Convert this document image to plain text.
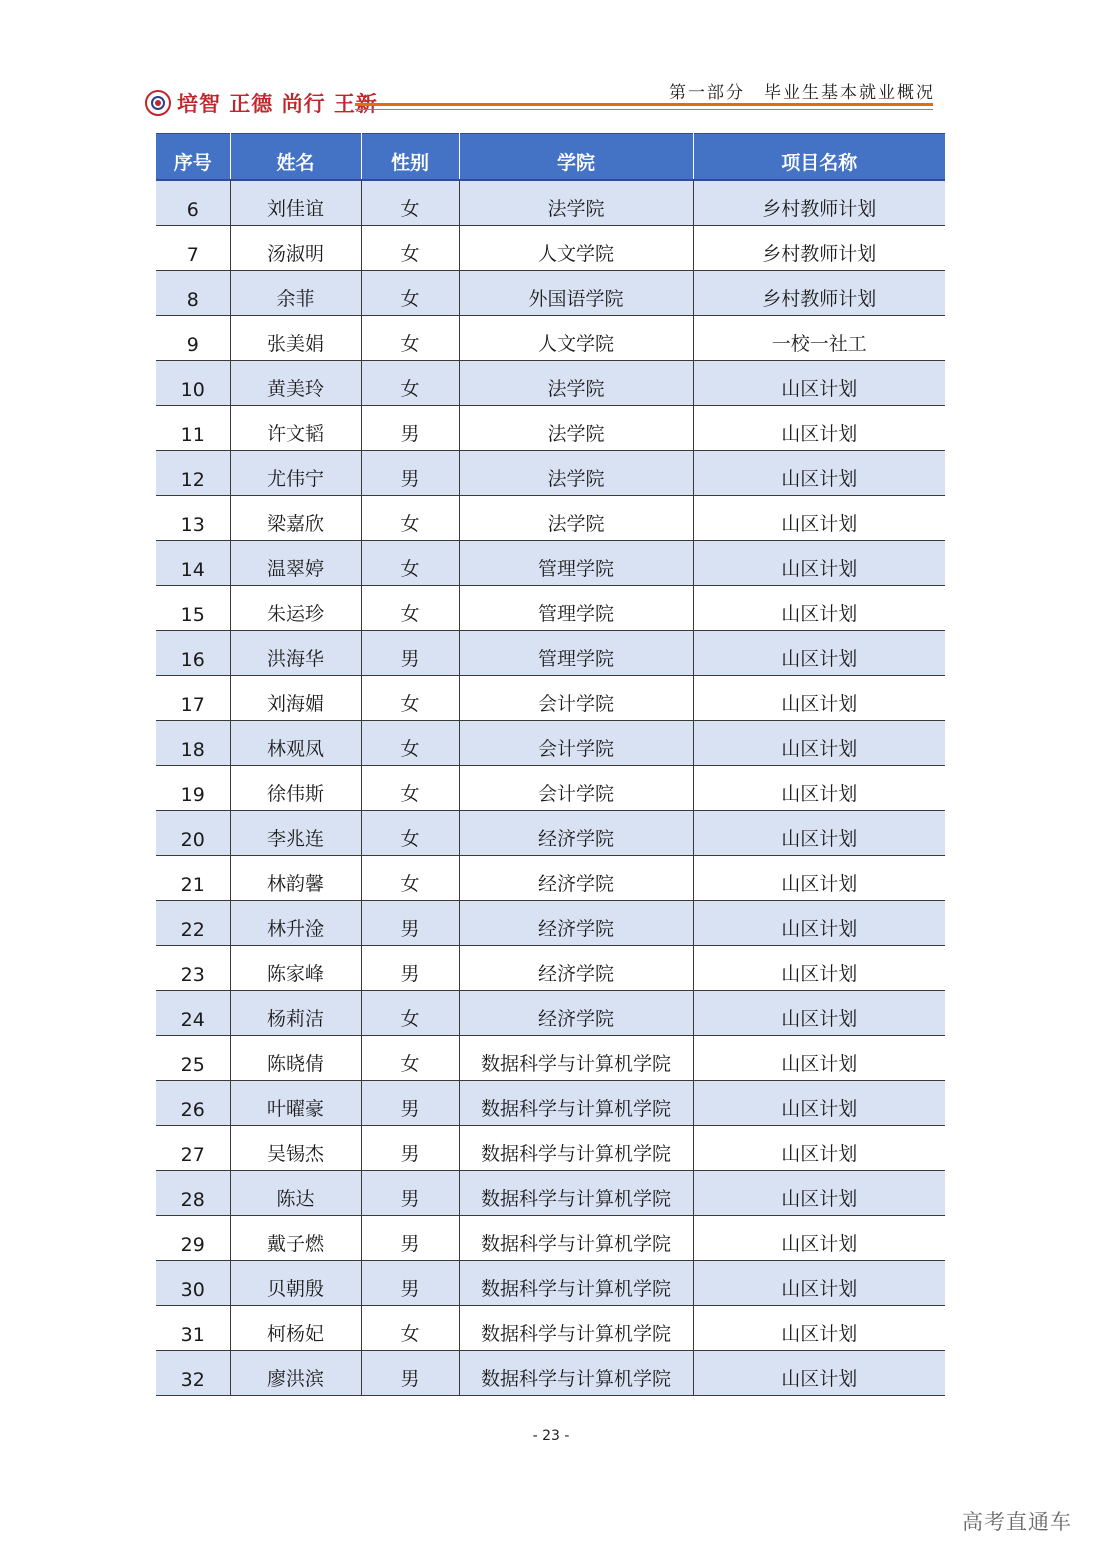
培智 正德 尚行 王新	第一部分　毕业生基本就业概况
序号	姓名	性别	学院	项目名称
6	刘佳谊	女	法学院	乡村教师计划
7	汤淑明	女	人文学院	乡村教师计划
8	余菲	女	外国语学院	乡村教师计划
9	张美娟	女	人文学院	一校一社工
10	黄美玲	女	法学院	山区计划
11	许文韬	男	法学院	山区计划
12	尤伟宁	男	法学院	山区计划
13	梁嘉欣	女	法学院	山区计划
14	温翠婷	女	管理学院	山区计划
15	朱运珍	女	管理学院	山区计划
16	洪海华	男	管理学院	山区计划
17	刘海媚	女	会计学院	山区计划
18	林观凤	女	会计学院	山区计划
19	徐伟斯	女	会计学院	山区计划
20	李兆连	女	经济学院	山区计划
21	林韵馨	女	经济学院	山区计划
22	林升淦	男	经济学院	山区计划
23	陈家峰	男	经济学院	山区计划
24	杨莉洁	女	经济学院	山区计划
25	陈晓倩	女	数据科学与计算机学院	山区计划
26	叶曜豪	男	数据科学与计算机学院	山区计划
27	吴锡杰	男	数据科学与计算机学院	山区计划
28	陈达	男	数据科学与计算机学院	山区计划
29	戴子燃	男	数据科学与计算机学院	山区计划
30	贝朝殷	男	数据科学与计算机学院	山区计划
31	柯杨妃	女	数据科学与计算机学院	山区计划
32	廖洪滨	男	数据科学与计算机学院	山区计划
- 23 -
高考直通车
